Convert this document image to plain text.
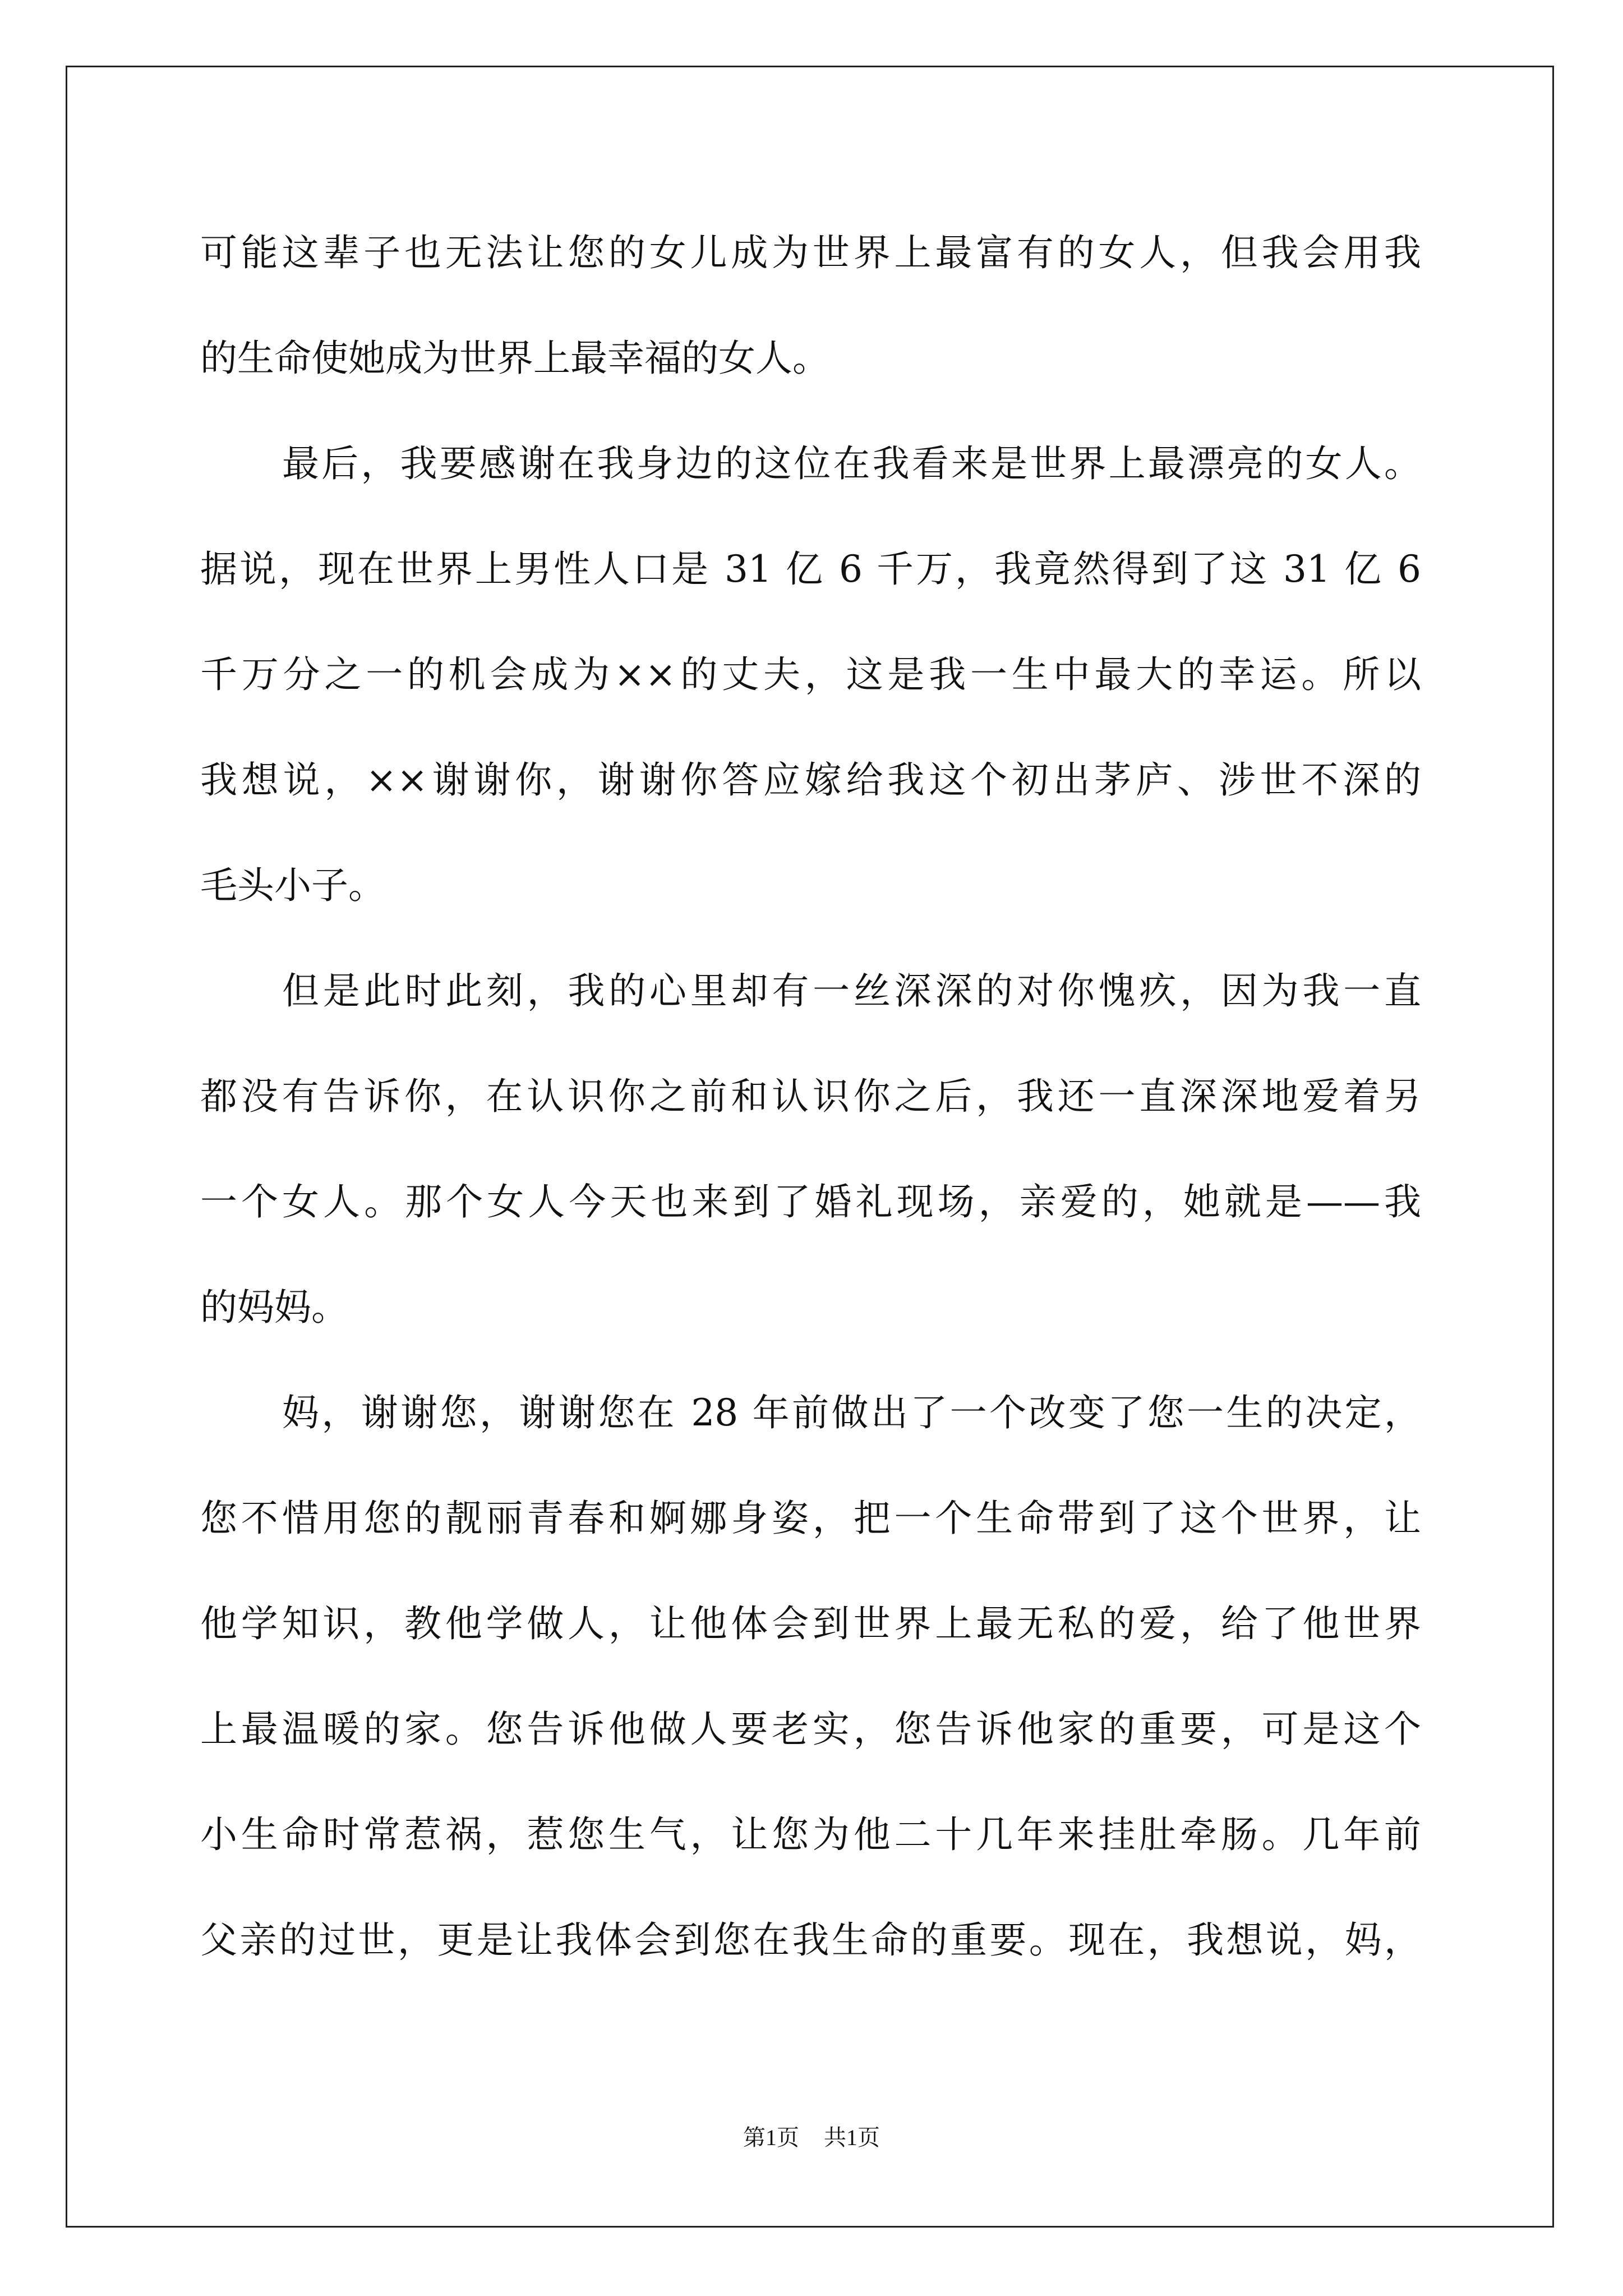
可能这辈子也无法让您的女儿成为世界上最富有的女人，但我会用我
的生命使她成为世界上最幸福的女人。
最后，我要感谢在我身边的这位在我看来是世界上最漂亮的女人。
据说，现在世界上男性人口是 31 亿 6 千万，我竟然得到了这 31 亿 6
千万分之一的机会成为××的丈夫，这是我一生中最大的幸运。所以
我想说，××谢谢你，谢谢你答应嫁给我这个初出茅庐、涉世不深的
毛头小子。
但是此时此刻，我的心里却有一丝深深的对你愧疚，因为我一直
都没有告诉你，在认识你之前和认识你之后，我还一直深深地爱着另
一个女人。那个女人今天也来到了婚礼现场，亲爱的，她就是——我
的妈妈。
妈，谢谢您，谢谢您在 28 年前做出了一个改变了您一生的决定，
您不惜用您的靓丽青春和婀娜身姿，把一个生命带到了这个世界，让
他学知识，教他学做人，让他体会到世界上最无私的爱，给了他世界
上最温暖的家。您告诉他做人要老实，您告诉他家的重要，可是这个
小生命时常惹祸，惹您生气，让您为他二十几年来挂肚牵肠。几年前
父亲的过世，更是让我体会到您在我生命的重要。现在，我想说，妈，
第1页 共1页
